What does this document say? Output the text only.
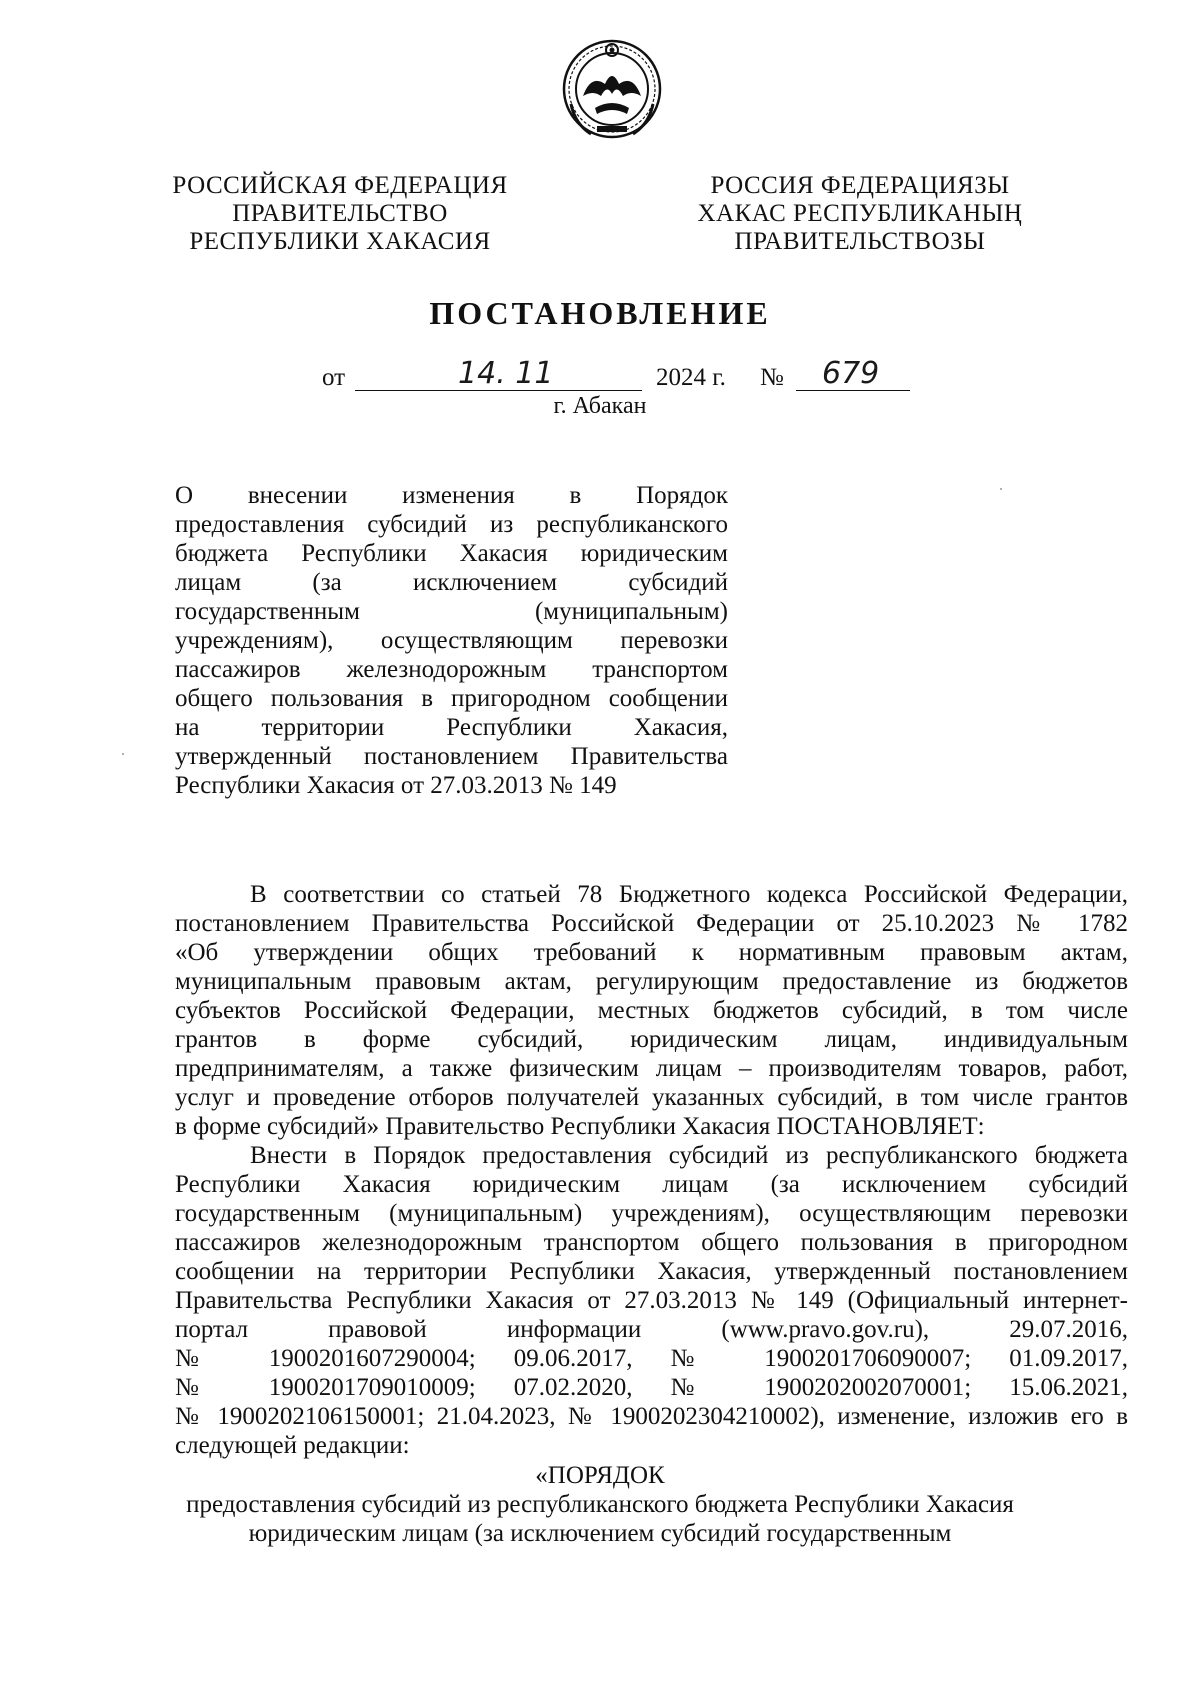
РОССИЙСКАЯ ФЕДЕРАЦИЯ
ПРАВИТЕЛЬСТВО
РЕСПУБЛИКИ ХАКАСИЯ
РОССИЯ ФЕДЕРАЦИЯЗЫ
ХАКАС РЕСПУБЛИКАНЫҢ
ПРАВИТЕЛЬСТВОЗЫ
ПОСТАНОВЛЕНИЕ
от	14. 11	2024 г. № 679
г. Абакан
О внесении изменения в Порядок
предоставления субсидий из республиканского
бюджета Республики Хакасия юридическим
лицам (за исключением субсидий
государственным (муниципальным)
учреждениям), осуществляющим перевозки
пассажиров железнодорожным транспортом
общего пользования в пригородном сообщении
на территории Республики Хакасия,
утвержденный постановлением Правительства
Республики Хакасия от 27.03.2013 № 149
В соответствии со статьей 78 Бюджетного кодекса Российской Федерации,
постановлением Правительства Российской Федерации от 25.10.2023 № 1782
«Об утверждении общих требований к нормативным правовым актам,
муниципальным правовым актам, регулирующим предоставление из бюджетов
субъектов Российской Федерации, местных бюджетов субсидий, в том числе
грантов в форме субсидий, юридическим лицам, индивидуальным
предпринимателям, а также физическим лицам – производителям товаров, работ,
услуг и проведение отборов получателей указанных субсидий, в том числе грантов
в форме субсидий» Правительство Республики Хакасия ПОСТАНОВЛЯЕТ:
Внести в Порядок предоставления субсидий из республиканского бюджета
Республики Хакасия юридическим лицам (за исключением субсидий
государственным (муниципальным) учреждениям), осуществляющим перевозки
пассажиров железнодорожным транспортом общего пользования в пригородном
сообщении на территории Республики Хакасия, утвержденный постановлением
Правительства Республики Хакасия от 27.03.2013 № 149 (Официальный интернет-
портал правовой информации (www.pravo.gov.ru), 29.07.2016,
№ 1900201607290004; 09.06.2017, № 1900201706090007; 01.09.2017,
№ 1900201709010009; 07.02.2020, № 1900202002070001; 15.06.2021,
№ 1900202106150001; 21.04.2023, № 1900202304210002), изменение, изложив его в
следующей редакции:
«ПОРЯДОК
предоставления субсидий из республиканского бюджета Республики Хакасия
юридическим лицам (за исключением субсидий государственным
